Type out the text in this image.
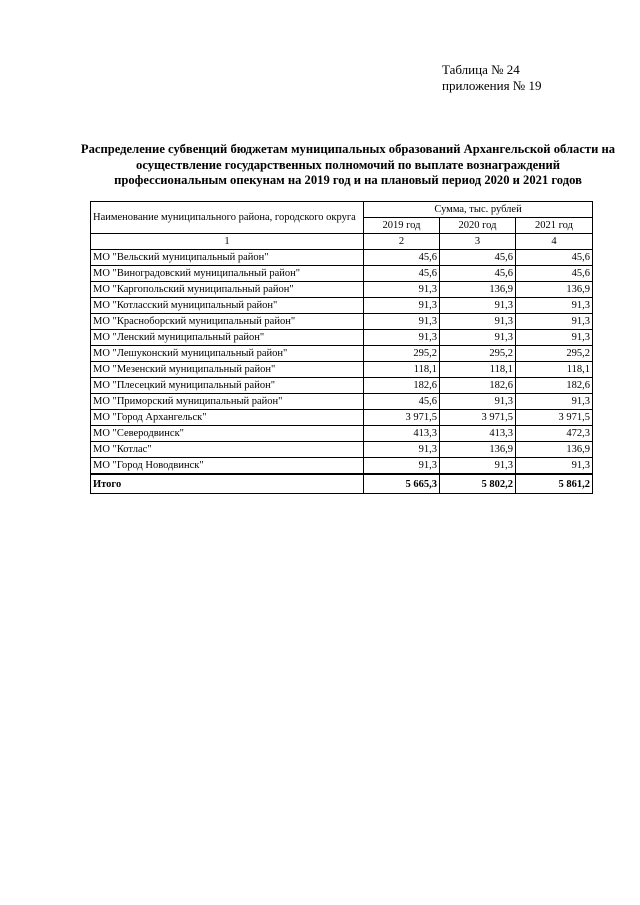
Таблица № 24
приложения № 19
Распределение субвенций бюджетам муниципальных образований Архангельской области на осуществление государственных полномочий по выплате вознаграждений профессиональным опекунам на 2019 год и на плановый период 2020 и 2021 годов
Наименование муниципального района, городского округа	Сумма, тыс. рублей		
	2019 год	2020 год	2021 год
1	2	3	4
МО "Вельский муниципальный район"	45,6	45,6	45,6
МО "Виноградовский муниципальный район"	45,6	45,6	45,6
МО "Каргопольский муниципальный район"	91,3	136,9	136,9
МО "Котласский муниципальный район"	91,3	91,3	91,3
МО "Красноборский муниципальный район"	91,3	91,3	91,3
МО "Ленский муниципальный район"	91,3	91,3	91,3
МО "Лешуконский муниципальный район"	295,2	295,2	295,2
МО "Мезенский муниципальный район"	118,1	118,1	118,1
МО "Плесецкий муниципальный район"	182,6	182,6	182,6
МО "Приморский муниципальный район"	45,6	91,3	91,3
МО "Город Архангельск"	3 971,5	3 971,5	3 971,5
МО "Северодвинск"	413,3	413,3	472,3
МО "Котлас"	91,3	136,9	136,9
МО "Город Новодвинск"	91,3	91,3	91,3
Итого	5 665,3	5 802,2	5 861,2
